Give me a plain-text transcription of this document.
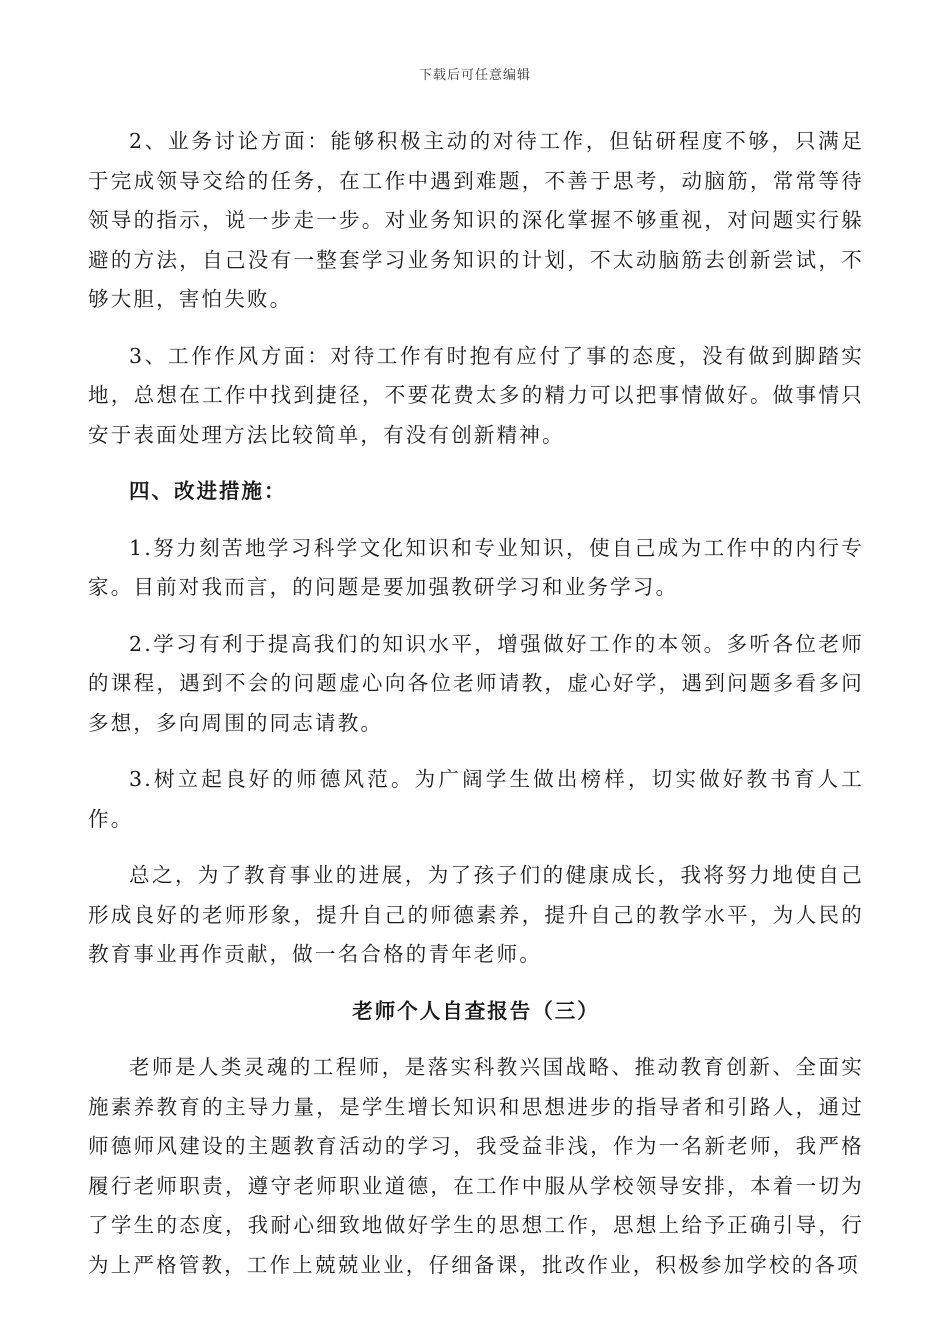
下载后可任意编辑

2、业务讨论方面：能够积极主动的对待工作，但钻研程度不够，只满足于完成领导交给的任务，在工作中遇到难题，不善于思考，动脑筋，常常等待领导的指示，说一步走一步。对业务知识的深化掌握不够重视，对问题实行躲避的方法，自己没有一整套学习业务知识的计划，不太动脑筋去创新尝试，不够大胆，害怕失败。

3、工作作风方面：对待工作有时抱有应付了事的态度，没有做到脚踏实地，总想在工作中找到捷径，不要花费太多的精力可以把事情做好。做事情只安于表面处理方法比较简单，有没有创新精神。

四、改进措施：

1.努力刻苦地学习科学文化知识和专业知识，使自己成为工作中的内行专家。目前对我而言，的问题是要加强教研学习和业务学习。

2.学习有利于提高我们的知识水平，增强做好工作的本领。多听各位老师的课程，遇到不会的问题虚心向各位老师请教，虚心好学，遇到问题多看多问多想，多向周围的同志请教。

3.树立起良好的师德风范。为广阔学生做出榜样，切实做好教书育人工作。

总之，为了教育事业的进展，为了孩子们的健康成长，我将努力地使自己形成良好的老师形象，提升自己的师德素养，提升自己的教学水平，为人民的教育事业再作贡献，做一名合格的青年老师。

老师个人自查报告（三）

老师是人类灵魂的工程师，是落实科教兴国战略、推动教育创新、全面实施素养教育的主导力量，是学生增长知识和思想进步的指导者和引路人，通过师德师风建设的主题教育活动的学习，我受益非浅，作为一名新老师，我严格履行老师职责，遵守老师职业道德，在工作中服从学校领导安排，本着一切为了学生的态度，我耐心细致地做好学生的思想工作，思想上给予正确引导，行为上严格管教，工作上兢兢业业，仔细备课，批改作业，积极参加学校的各项
